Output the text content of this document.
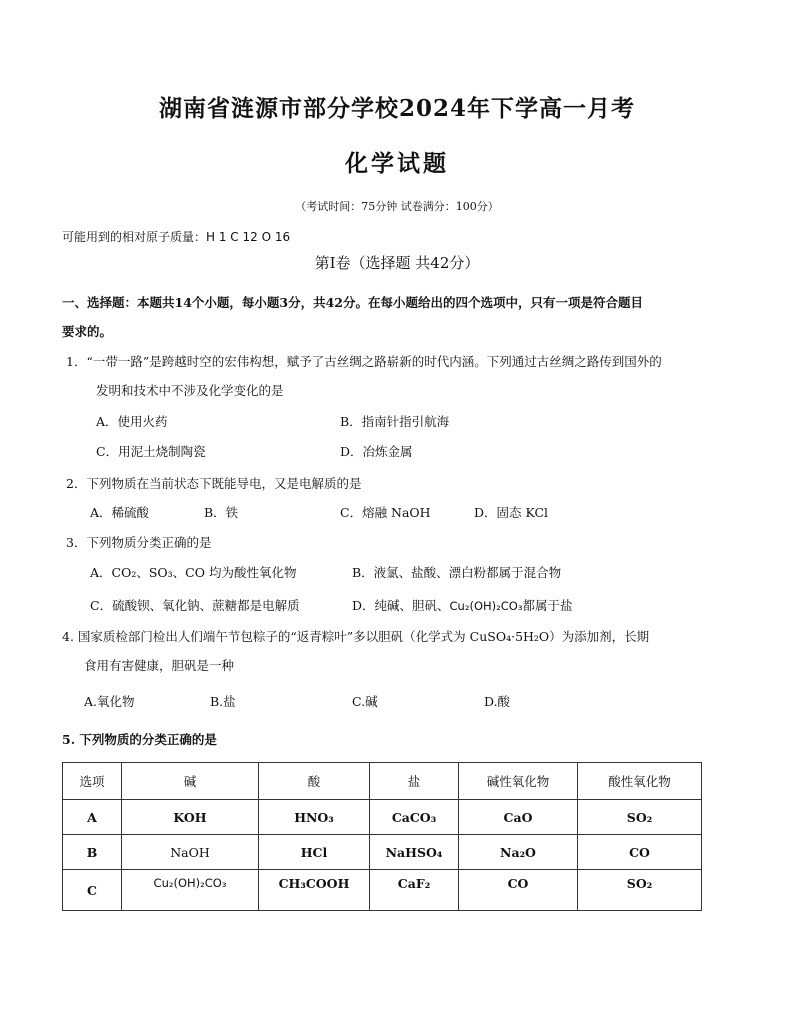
湖南省涟源市部分学校2024年下学高一月考
化学试题
（考试时间：75分钟 试卷满分：100分）
可能用到的相对原子质量：H 1 C 12 O 16
第Ⅰ卷（选择题 共42分）
一、选择题：本题共14个小题，每小题3分，共42分。在每小题给出的四个选项中，只有一项是符合题目
要求的。
1．“一带一路”是跨越时空的宏伟构想，赋予了古丝绸之路崭新的时代内涵。下列通过古丝绸之路传到国外的
发明和技术中不涉及化学变化的是
A．使用火药	B．指南针指引航海
C．用泥土烧制陶瓷	D．冶炼金属
2．下列物质在当前状态下既能导电，又是电解质的是
A．稀硫酸	B．铁	C．熔融 NaOH	D．固态 KCl
3．下列物质分类正确的是
A．CO₂、SO₃、CO 均为酸性氧化物	B．液氯、盐酸、漂白粉都属于混合物
C．硫酸钡、氧化钠、蔗糖都是电解质	D．纯碱、胆矾、Cu₂(OH)₂CO₃都属于盐
4. 国家质检部门检出人们端午节包粽子的“返青粽叶”多以胆矾（化学式为 CuSO₄·5H₂O）为添加剂，长期
食用有害健康，胆矾是一种
A.氧化物	B.盐	C.碱	D.酸
5. 下列物质的分类正确的是
选项	碱	酸	盐	碱性氧化物	酸性氧化物
A	KOH	HNO₃	CaCO₃	CaO	SO₂
B	NaOH	HCl	NaHSO₄	Na₂O	CO
C	Cu₂(OH)₂CO₃	CH₃COOH	CaF₂	CO	SO₂
